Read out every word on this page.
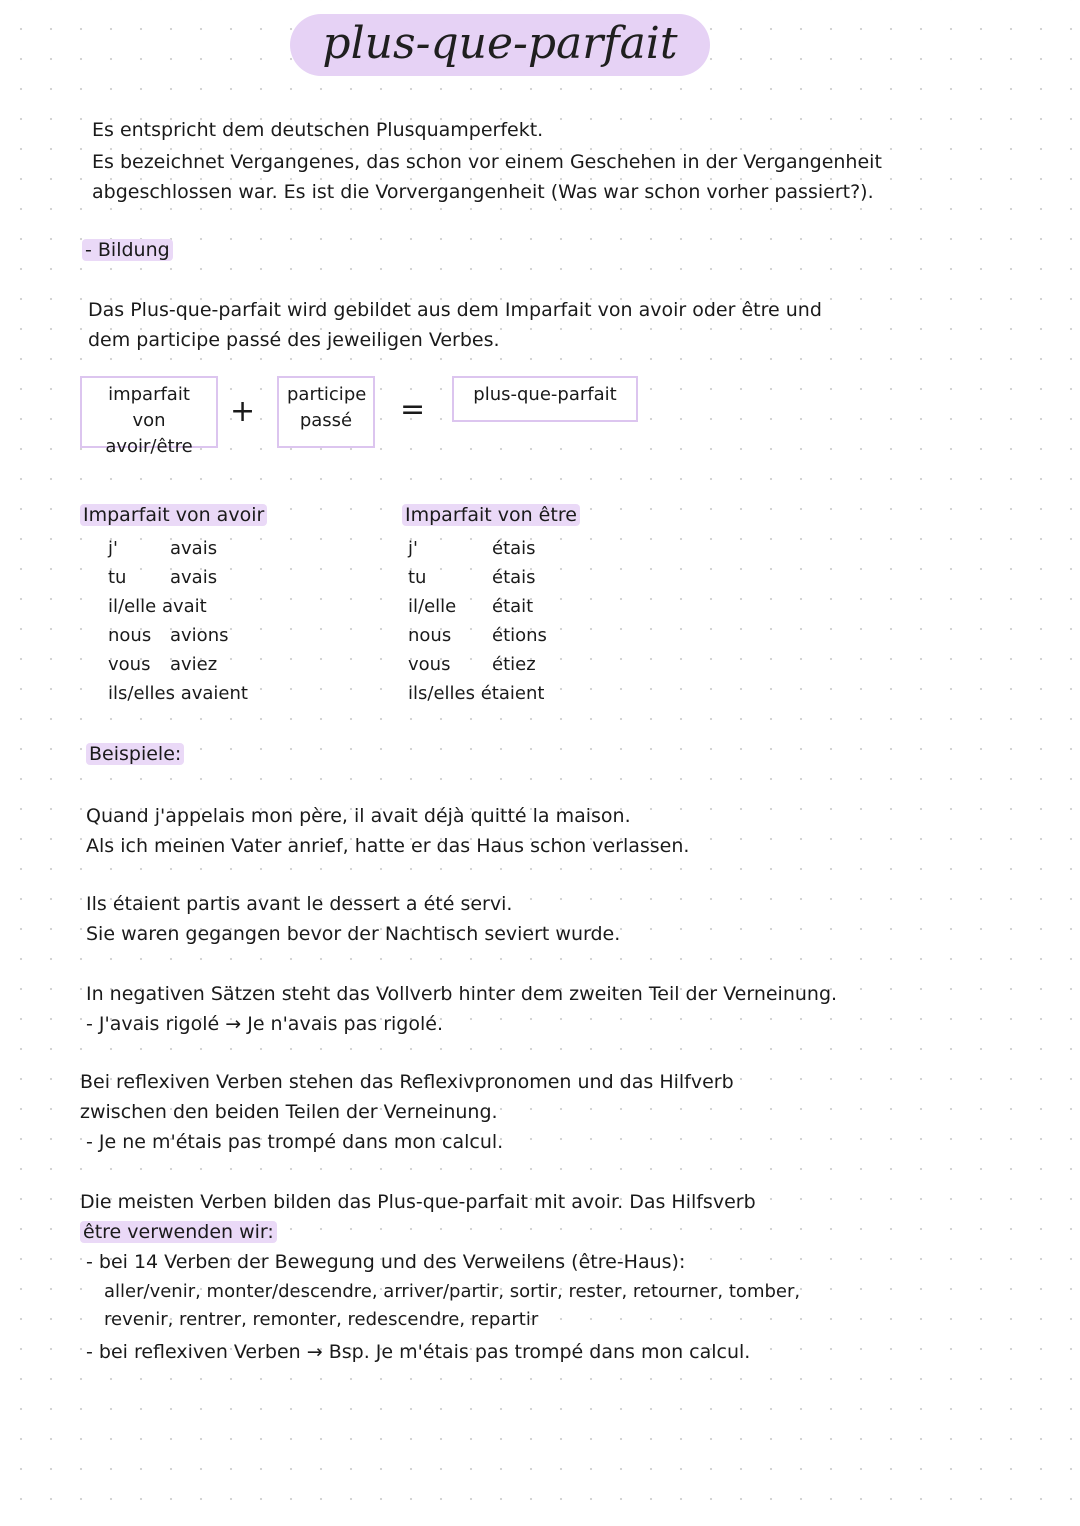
plus-que-parfait
Es entspricht dem deutschen Plusquamperfekt.
Es bezeichnet Vergangenes, das schon vor einem Geschehen in der Vergangenheit
abgeschlossen war. Es ist die Vorvergangenheit (Was war schon vorher passiert?).
- Bildung
Das Plus-que-parfait wird gebildet aus dem Imparfait von avoir oder être und
dem participe passé des jeweiligen Verbes.
imparfait von
avoir/être
+ participe
passé	=	plus-que-parfait
Imparfait von avoir
j'	avais
tu avais
il/elle avait
nous avions
vous aviez
ils/elles avaient
Imparfait von être
j'	étais
tu	étais
il/elle était
nous étions
vous étiez
ils/elles étaient
Beispiele:
Quand j'appelais mon père, il avait déjà quitté la maison.
Als ich meinen Vater anrief, hatte er das Haus schon verlassen.
Ils étaient partis avant le dessert a été servi.
Sie waren gegangen bevor der Nachtisch seviert wurde.
In negativen Sätzen steht das Vollverb hinter dem zweiten Teil der Verneinung.
- J'avais rigolé → Je n'avais pas rigolé.
Bei reflexiven Verben stehen das Reflexivpronomen und das Hilfverb
zwischen den beiden Teilen der Verneinung.
- Je ne m'étais pas trompé dans mon calcul.
Die meisten Verben bilden das Plus-que-parfait mit avoir. Das Hilfsverb
être verwenden wir:
- bei 14 Verben der Bewegung und des Verweilens (être-Haus):
aller/venir, monter/descendre, arriver/partir, sortir, rester, retourner, tomber,
revenir, rentrer, remonter, redescendre, repartir
- bei reflexiven Verben → Bsp. Je m'étais pas trompé dans mon calcul.
